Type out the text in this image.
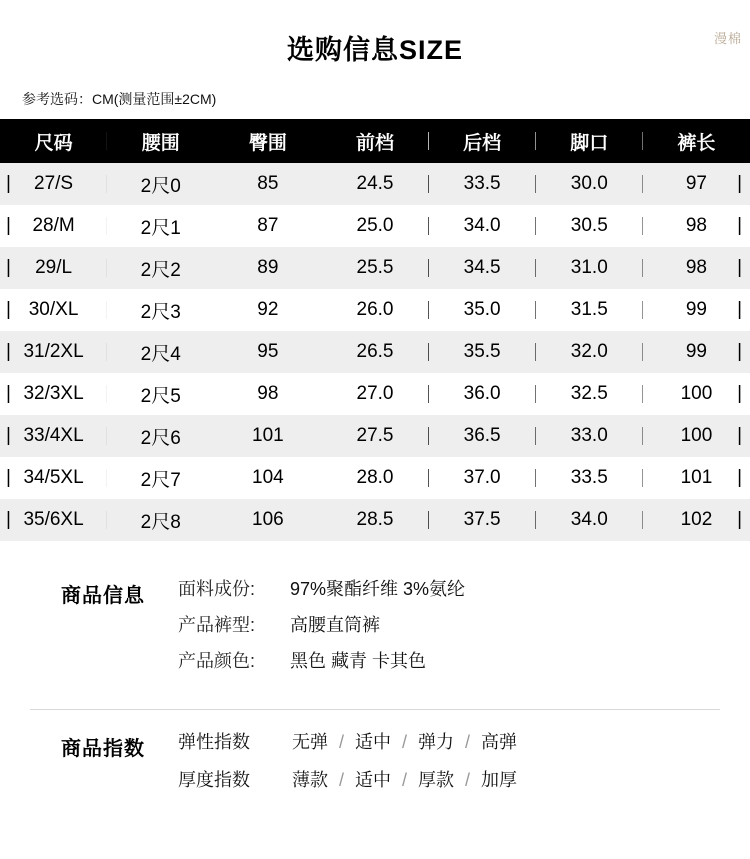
漫棉
选购信息SIZE
参考选码：CM(测量范围±2CM)
尺码	腰围	臀围	前档	后档	脚口	裤长

| 27/S	2尺0	85	24.5	33.5	30.0	97 |

| 28/M	2尺1	87	25.0	34.0	30.5	98 |

| 29/L	2尺2	89	25.5	34.5	31.0	98 |

| 30/XL	2尺3	92	26.0	35.0	31.5	99 |

| 31/2XL	2尺4	95	26.5	35.5	32.0	99 |

| 32/3XL	2尺5	98	27.0	36.0	32.5	100 |

| 33/4XL	2尺6	101	27.5	36.5	33.0	100 |

| 34/5XL	2尺7	104	28.0	37.0	33.5	101 |

| 35/6XL	2尺8	106	28.5	37.5	34.0	102 |
商品信息	面料成份:	97%聚酯纤维 3%氨纶
产品裤型:	高腰直筒裤
产品颜色:	黑色 藏青 卡其色
商品指数	弹性指数	无弹 / 适中 / 弹力 / 高弹
厚度指数	薄款 / 适中 / 厚款 / 加厚
